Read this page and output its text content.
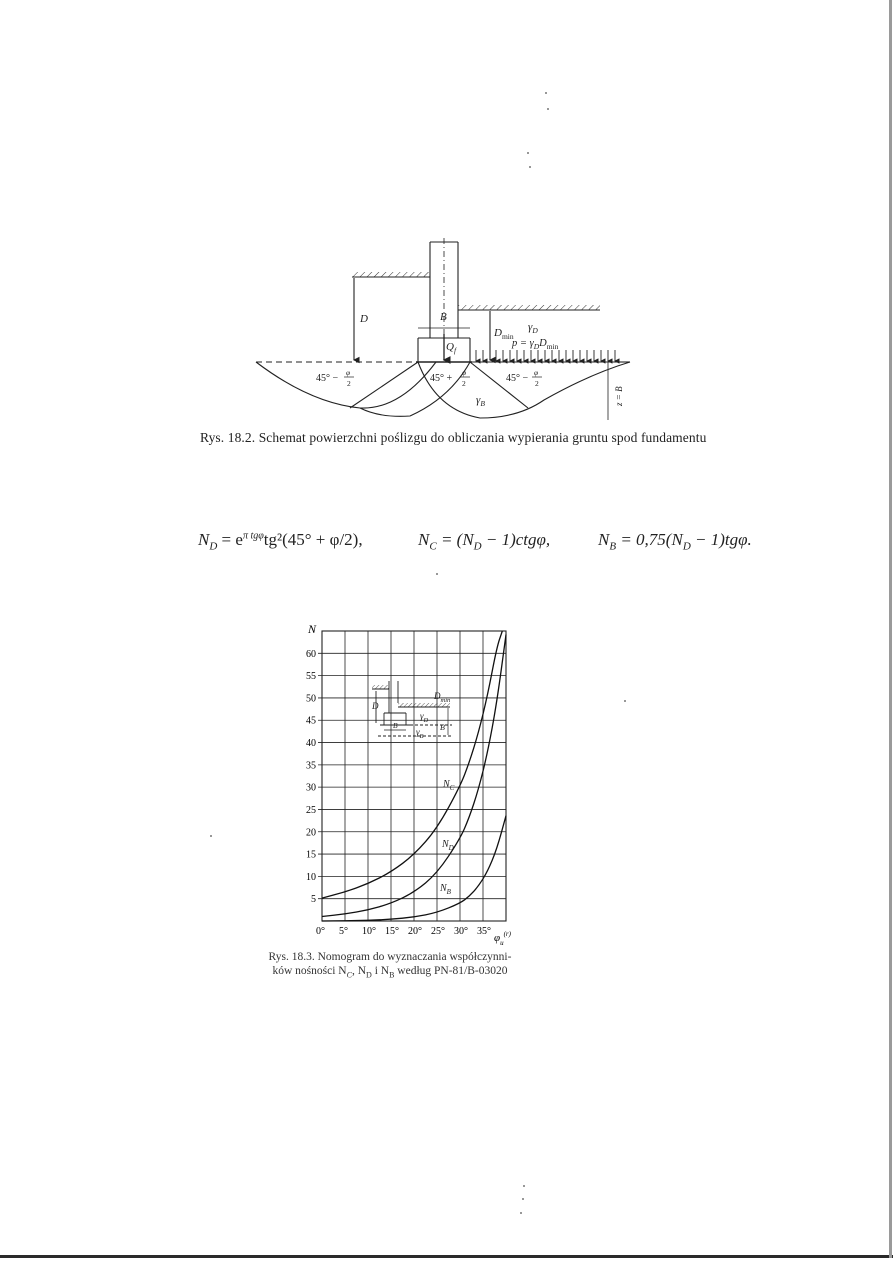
D	B
$Q_f$
$D_{min}$
$\gamma_D$
$p = \gamma_DD_{min}$
45° −
φ
2	45° +
φ
2	45° −
φ
2
$\gamma_B$	z = B
Rys. 18.2. Schemat powierzchni poślizgu do obliczania wypierania gruntu spod fundamentu
$N_D = e^{\pi tg\varphi}tg^2(45^\circ + \varphi/2)$,	$N_C = (N_D - 1)ctg\varphi$,	$N_B = 0,75(N_D - 1)tg\varphi$.
0° 5° 10° 15° 20° 25° 30° 35°
5
10
15
20
25
30
35
40
45
50
55
60
N
$\varphi_u^{(r)}$
D
$D_{min}$
$\gamma_D$
B	B
$\gamma_B$
$N_C$
$N_D$
$N_B$
Rys. 18.3. Nomogram do wyznaczania współczynni-
ków nośności $N_C$, $N_D$ i $N_B$ według PN-81/B-03020
